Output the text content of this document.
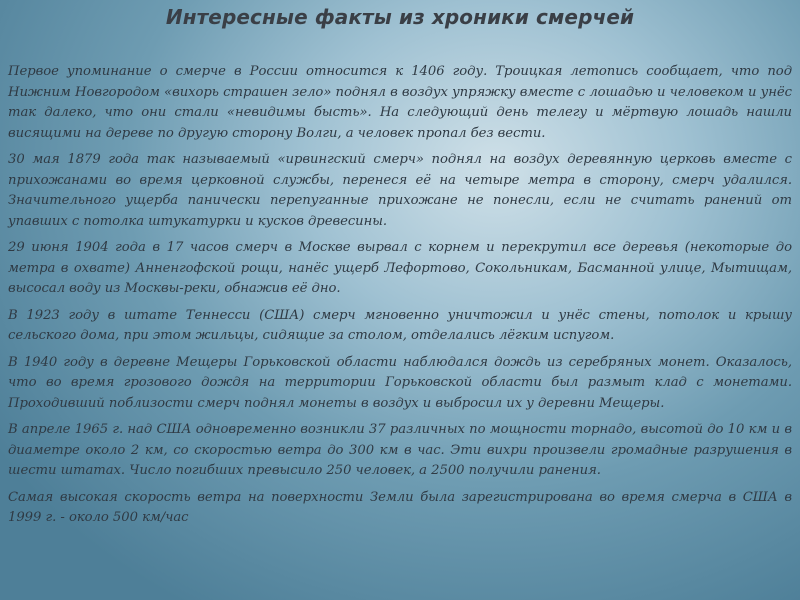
Интересные факты из хроники смерчей

Первое упоминание о смерче в России относится к 1406 году. Троицкая летопись сообщает, что под Нижним Новгородом «вихорь страшен зело» поднял в воздух упряжку вместе с лошадью и человеком и унёс так далеко, что они стали «невидимы бысть». На следующий день телегу и мёртвую лошадь нашли висящими на дереве по другую сторону Волги, а человек пропал без вести.

30 мая 1879 года так называемый «ирвингский смерч» поднял на воздух деревянную церковь вместе с прихожанами во время церковной службы, перенеся её на четыре метра в сторону, смерч удалился. Значительного ущерба панически перепуганные прихожане не понесли, если не считать ранений от упавших с потолка штукатурки и кусков древесины.

29 июня 1904 года в 17 часов смерч в Москве вырвал с корнем и перекрутил все деревья (некоторые до метра в охвате) Анненгофской рощи, нанёс ущерб Лефортово, Сокольникам, Басманной улице, Мытищам, высосал воду из Москвы-реки, обнажив её дно.

В 1923 году в штате Теннесси (США) смерч мгновенно уничтожил и унёс стены, потолок и крышу сельского дома, при этом жильцы, сидящие за столом, отделались лёгким испугом.

В 1940 году в деревне Мещеры Горьковской области наблюдался дождь из серебряных монет. Оказалось, что во время грозового дождя на территории Горьковской области был размыт клад с монетами. Проходивший поблизости смерч поднял монеты в воздух и выбросил их у деревни Мещеры.

В апреле 1965 г. над США одновременно возникли 37 различных по мощности торнадо, высотой до 10 км и в диаметре около 2 км, со скоростью ветра до 300 км в час. Эти вихри произвели громадные разрушения в шести штатах. Число погибших превысило 250 человек, а 2500 получили ранения.

Самая высокая скорость ветра на поверхности Земли была зарегистрирована во время смерча в США в 1999 г. - около 500 км/час
